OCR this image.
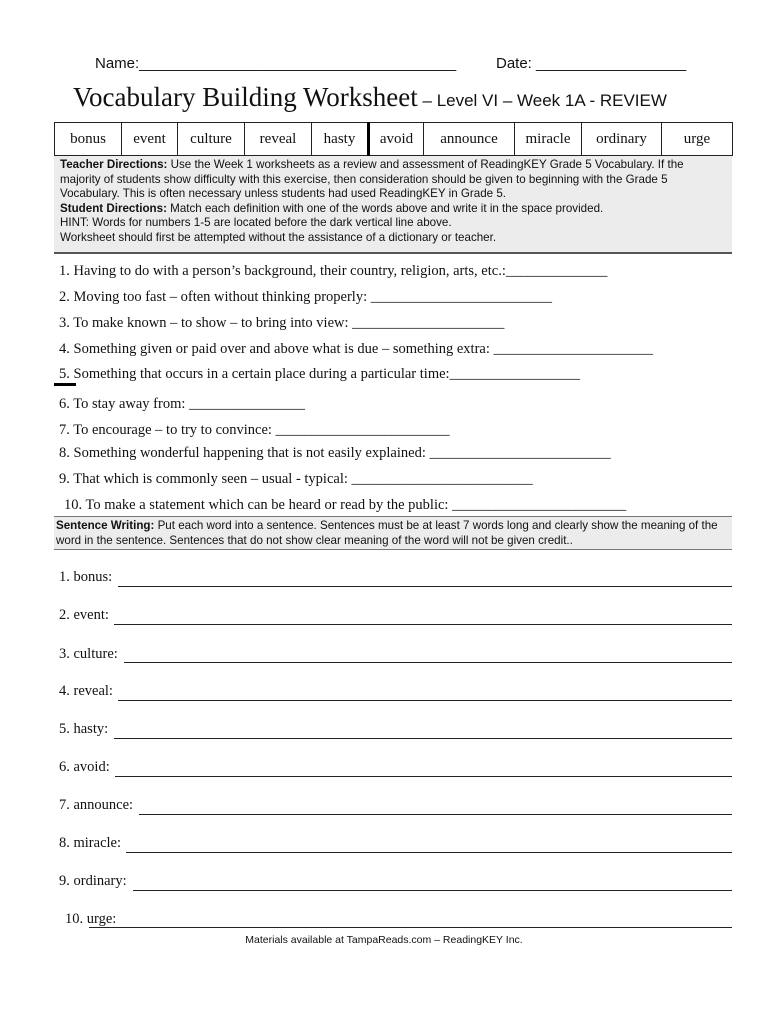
Name:______________________________________	Date: __________________
Vocabulary Building Worksheet – Level VI – Week 1A - REVIEW
bonus	event	culture	reveal	hasty	avoid	announce	miracle	ordinary	urge
Teacher Directions: Use the Week 1 worksheets as a review and assessment of ReadingKEY Grade 5 Vocabulary. If the majority of students show difficulty with this exercise, then consideration should be given to beginning with the Grade 5 Vocabulary. This is often necessary unless students had used ReadingKEY in Grade 5.
Student Directions: Match each definition with one of the words above and write it in the space provided.
HINT: Words for numbers 1-5 are located before the dark vertical line above.
Worksheet should first be attempted without the assistance of a dictionary or teacher.
1. Having to do with a person’s background, their country, religion, arts, etc.:______________
2. Moving too fast – often without thinking properly: _________________________
3. To make known – to show – to bring into view: _____________________
4. Something given or paid over and above what is due – something extra: ______________________
5. Something that occurs in a certain place during a particular time:__________________
6. To stay away from: ________________
7. To encourage – to try to convince: ________________________
8. Something wonderful happening that is not easily explained: _________________________
9. That which is commonly seen – usual - typical: _________________________
10. To make a statement which can be heard or read by the public: ________________________
Sentence Writing: Put each word into a sentence. Sentences must be at least 7 words long and clearly show the meaning of the word in the sentence. Sentences that do not show clear meaning of the word will not be given credit..
1. bonus:
2. event:
3. culture:
4. reveal:
5. hasty:
6. avoid:
7. announce:
8. miracle:
9. ordinary:
10. urge:
Materials available at TampaReads.com – ReadingKEY Inc.
